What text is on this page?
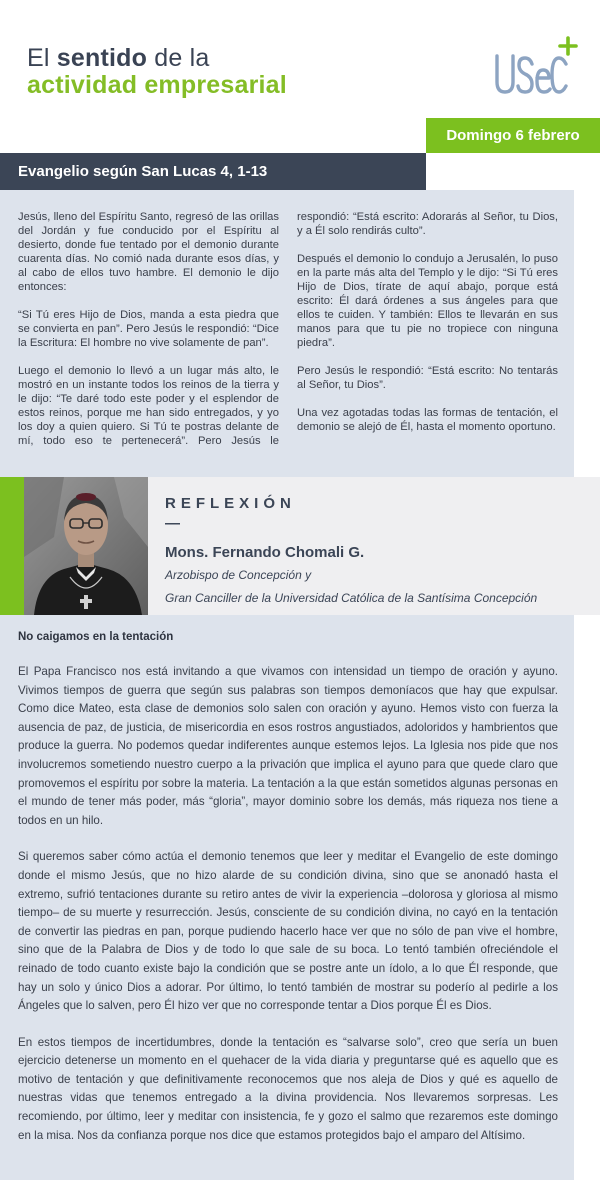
El sentido de la
actividad empresarial
Domingo 6 febrero
Evangelio según San Lucas 4, 1-13

Jesús, lleno del Espíritu Santo, regresó de las orillas del Jordán y fue conducido por el Espíritu al desierto, donde fue tentado por el demonio durante cuarenta días. No comió nada durante esos días, y al cabo de ellos tuvo hambre. El demonio le dijo entonces:

“Si Tú eres Hijo de Dios, manda a esta piedra que se convierta en pan”. Pero Jesús le respondió: “Dice la Escritura: El hombre no vive solamente de pan”.

Luego el demonio lo llevó a un lugar más alto, le mostró en un instante todos los reinos de la tierra y le dijo: “Te daré todo este poder y el esplendor de estos reinos, porque me han sido entregados, y yo los doy a quien quiero. Si Tú te postras delante de mí, todo eso te pertenecerá”. Pero Jesús le respondió: “Está escrito: Adorarás al Señor, tu Dios, y a Él solo rendirás culto”.

Después el demonio lo condujo a Jerusalén, lo puso en la parte más alta del Templo y le dijo: “Si Tú eres Hijo de Dios, tírate de aquí abajo, porque está escrito: Él dará órdenes a sus ángeles para que ellos te cuiden. Y también: Ellos te llevarán en sus manos para que tu pie no tropiece con ninguna piedra”.

Pero Jesús le respondió: “Está escrito: No tentarás al Señor, tu Dios”.

Una vez agotadas todas las formas de tentación, el demonio se alejó de Él, hasta el momento oportuno.

REFLEXIÓN
—
Mons. Fernando Chomali G.
Arzobispo de Concepción y
Gran Canciller de la Universidad Católica de la Santísima Concepción
No caigamos en la tentación

El Papa Francisco nos está invitando a que vivamos con intensidad un tiempo de oración y ayuno. Vivimos tiempos de guerra que según sus palabras son tiempos demoníacos que hay que expulsar. Como dice Mateo, esta clase de demonios solo salen con oración y ayuno. Hemos visto con fuerza la ausencia de paz, de justicia, de misericordia en esos rostros angustiados, adoloridos y hambrientos que produce la guerra. No podemos quedar indiferentes aunque estemos lejos. La Iglesia nos pide que nos involucremos sometiendo nuestro cuerpo a la privación que implica el ayuno para que quede claro que promovemos el espíritu por sobre la materia. La tentación a la que están sometidos algunas personas en el mundo de tener más poder, más “gloria”, mayor dominio sobre los demás, más riqueza nos tiene a todos en un hilo.

Si queremos saber cómo actúa el demonio tenemos que leer y meditar el Evangelio de este domingo donde el mismo Jesús, que no hizo alarde de su condición divina, sino que se anonadó hasta el extremo, sufrió tentaciones durante su retiro antes de vivir la experiencia –dolorosa y gloriosa al mismo tiempo– de su muerte y resurrección. Jesús, consciente de su condición divina, no cayó en la tentación de convertir las piedras en pan, porque pudiendo hacerlo hace ver que no sólo de pan vive el hombre, sino que de la Palabra de Dios y de todo lo que sale de su boca. Lo tentó también ofreciéndole el reinado de todo cuanto existe bajo la condición que se postre ante un ídolo, a lo que Él responde, que hay un solo y único Dios a adorar. Por último, lo tentó también de mostrar su poderío al pedirle a los Ángeles que lo salven, pero Él hizo ver que no corresponde tentar a Dios porque Él es Dios.

En estos tiempos de incertidumbres, donde la tentación es “salvarse solo”, creo que sería un buen ejercicio detenerse un momento en el quehacer de la vida diaria y preguntarse qué es aquello que es motivo de tentación y que definitivamente reconocemos que nos aleja de Dios y qué es aquello de nuestras vidas que tenemos entregado a la divina providencia. Nos llevaremos sorpresas. Les recomiendo, por último, leer y meditar con insistencia, fe y gozo el salmo que rezaremos este domingo en la misa. Nos da confianza porque nos dice que estamos protegidos bajo el amparo del Altísimo.
